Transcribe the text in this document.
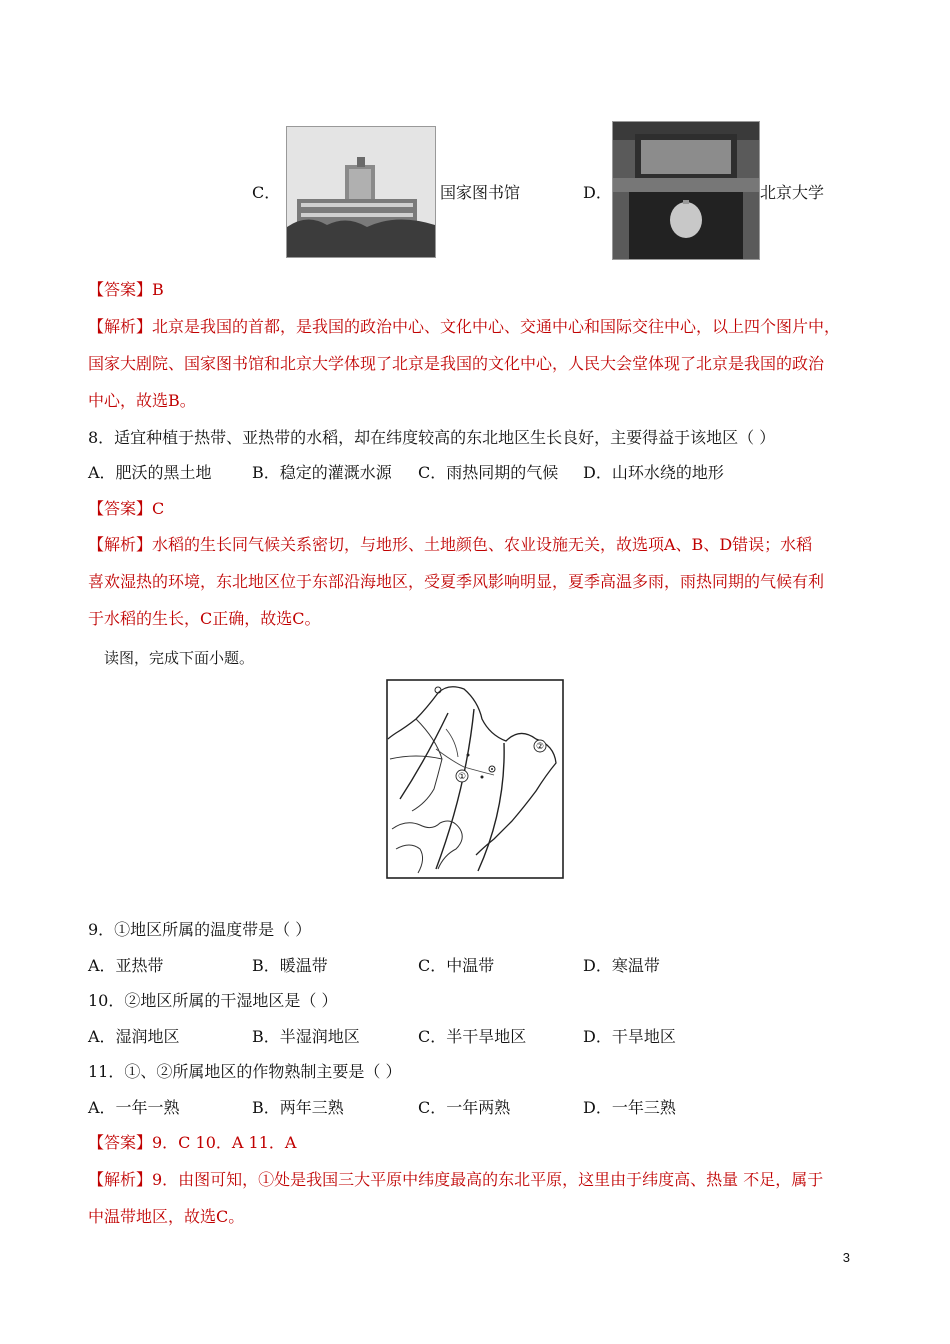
C．	国家图书馆	D．	北京大学
【答案】B
【解析】北京是我国的首都，是我国的政治中心、文化中心、交通中心和国际交往中心，以上四个图片中，
国家大剧院、国家图书馆和北京大学体现了北京是我国的文化中心，人民大会堂体现了北京是我国的政治
中心，故选B。
8．适宜种植于热带、亚热带的水稻，却在纬度较高的东北地区生长良好，主要得益于该地区（ ）
A．肥沃的黑土地	B．稳定的灌溉水源 C．雨热同期的气候 D．山环水绕的地形
【答案】C
【解析】水稻的生长同气候关系密切，与地形、土地颜色、农业设施无关，故选项A、B、D错误；水稻
喜欢湿热的环境，东北地区位于东部沿海地区，受夏季风影响明显，夏季高温多雨，雨热同期的气候有利
于水稻的生长，C正确，故选C。
读图，完成下面小题。
①
②
9．①地区所属的温度带是（ ）
A．亚热带	B．暖温带	C．中温带	D．寒温带
10．②地区所属的干湿地区是（ ）
A．湿润地区	B．半湿润地区	C．半干旱地区	D．干旱地区
11．①、②所属地区的作物熟制主要是（ ）
A．一年一熟	B．两年三熟	C．一年两熟	D．一年三熟
【答案】9．C 10．A 11．A
【解析】9．由图可知，①处是我国三大平原中纬度最高的东北平原，这里由于纬度高、热量 不足，属于
中温带地区，故选C。
3
